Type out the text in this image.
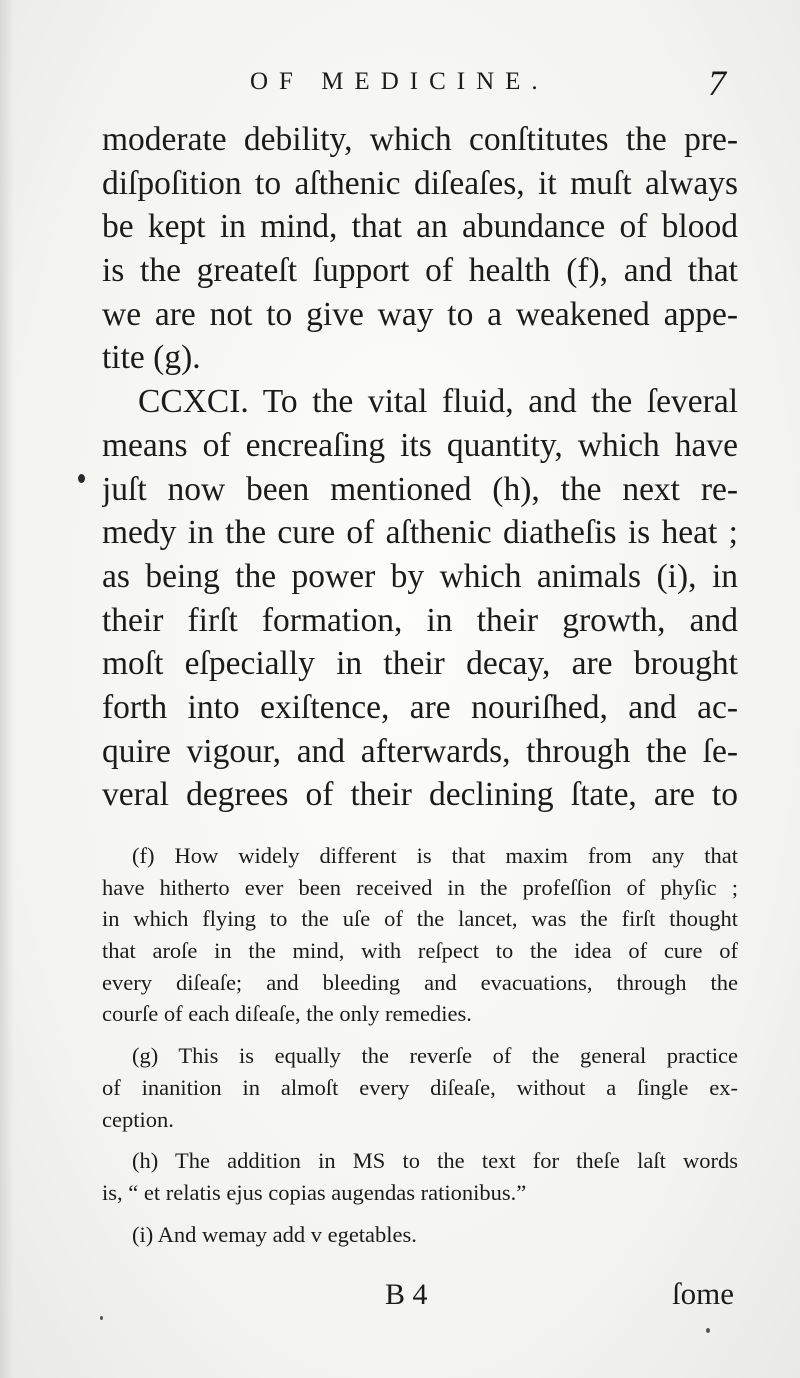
OF MEDICINE.	7
moderate debility, which conſtitutes the pre-
diſpoſition to aſthenic diſeaſes, it muſt always
be kept in mind, that an abundance of blood
is the greateſt ſupport of health (f), and that
we are not to give way to a weakened appe-
tite (g).
CCXCI. To the vital fluid, and the ſeveral
means of encreaſing its quantity, which have
juſt now been mentioned (h), the next re-
medy in the cure of aſthenic diatheſis is heat ;
as being the power by which animals (i), in
their firſt formation, in their growth, and
moſt eſpecially in their decay, are brought
forth into exiſtence, are nouriſhed, and ac-
quire vigour, and afterwards, through the ſe-
veral degrees of their declining ſtate, are to
(f) How widely different is that maxim from any that
have hitherto ever been received in the profeſſion of phyſic ;
in which flying to the uſe of the lancet, was the firſt thought
that aroſe in the mind, with reſpect to the idea of cure of
every diſeaſe; and bleeding and evacuations, through the
courſe of each diſeaſe, the only remedies.
(g) This is equally the reverſe of the general practice
of inanition in almoſt every diſeaſe, without a ſingle ex-
ception.
(h) The addition in MS to the text for theſe laſt words
is, “ et relatis ejus copias augendas rationibus.”
(i) And wemay add v egetables.
B 4	ſome
